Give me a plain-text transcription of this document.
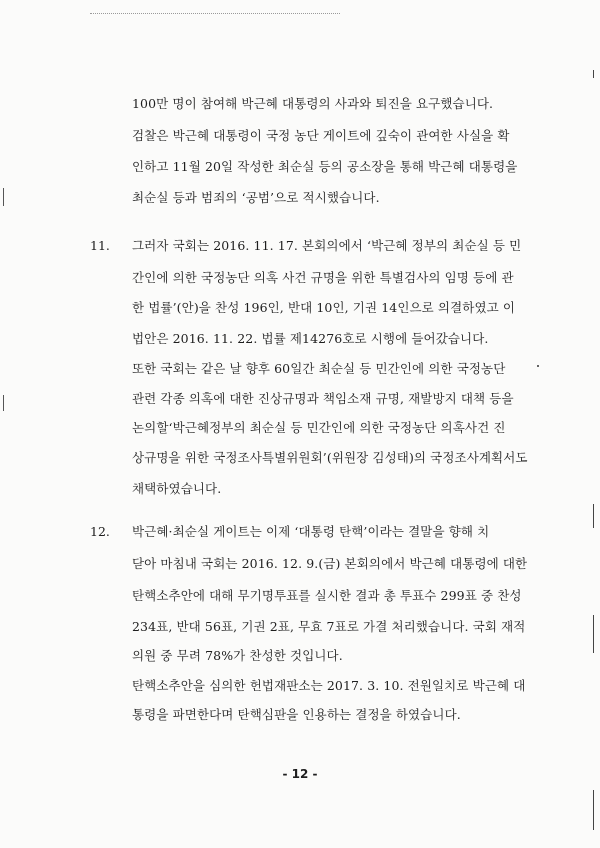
100만 명이 참여해 박근혜 대통령의 사과와 퇴진을 요구했습니다.
검찰은 박근혜 대통령이 국정 농단 게이트에 깊숙이 관여한 사실을 확
인하고 11월 20일 작성한 최순실 등의 공소장을 통해 박근혜 대통령을
최순실 등과 범죄의 ‘공범’으로 적시했습니다.
11. 그러자 국회는 2016. 11. 17. 본회의에서 ‘박근혜 정부의 최순실 등 민
간인에 의한 국정농단 의혹 사건 규명을 위한 특별검사의 임명 등에 관
한 법률’(안)을 찬성 196인, 반대 10인, 기권 14인으로 의결하였고 이
법안은 2016. 11. 22. 법률 제14276호로 시행에 들어갔습니다.
또한 국회는 같은 날 향후 60일간 최순실 등 민간인에 의한 국정농단
관련 각종 의혹에 대한 진상규명과 책임소재 규명, 재발방지 대책 등을
논의할‘박근혜정부의 최순실 등 민간인에 의한 국정농단 의혹사건 진
상규명을 위한 국정조사특별위원회’(위원장 김성태)의 국정조사계획서도
채택하였습니다.
12. 박근혜·최순실 게이트는 이제 ‘대통령 탄핵’이라는 결말을 향해 치
닫아 마침내 국회는 2016. 12. 9.(금) 본회의에서 박근혜 대통령에 대한
탄핵소추안에 대해 무기명투표를 실시한 결과 총 투표수 299표 중 찬성
234표, 반대 56표, 기권 2표, 무효 7표로 가결 처리했습니다. 국회 재적
의원 중 무려 78%가 찬성한 것입니다.
탄핵소추안을 심의한 헌법재판소는 2017. 3. 10. 전원일치로 박근혜 대
통령을 파면한다며 탄핵심판을 인용하는 결정을 하였습니다.
- 12 -
